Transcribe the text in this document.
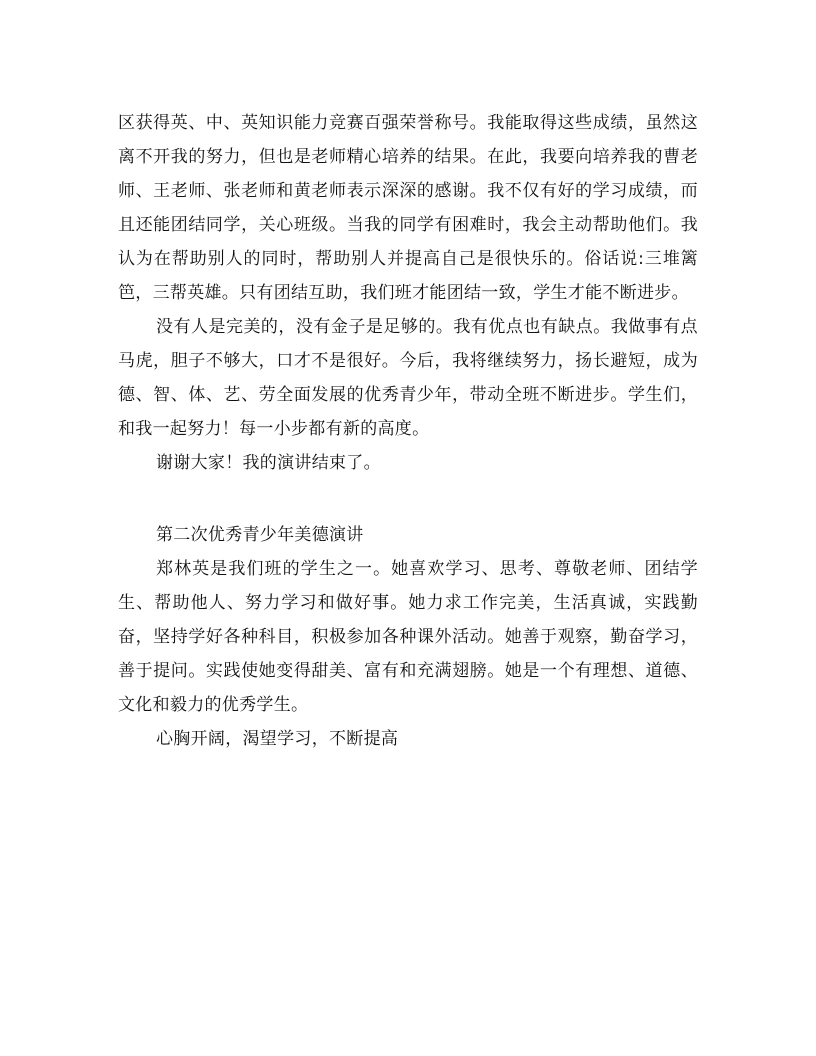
区获得英、中、英知识能力竞赛百强荣誉称号。我能取得这些成绩，虽然这离不开我的努力，但也是老师精心培养的结果。在此，我要向培养我的曹老师、王老师、张老师和黄老师表示深深的感谢。我不仅有好的学习成绩，而且还能团结同学，关心班级。当我的同学有困难时，我会主动帮助他们。我认为在帮助别人的同时，帮助别人并提高自己是很快乐的。俗话说:三堆篱笆，三帮英雄。只有团结互助，我们班才能团结一致，学生才能不断进步。

没有人是完美的，没有金子是足够的。我有优点也有缺点。我做事有点马虎，胆子不够大，口才不是很好。今后，我将继续努力，扬长避短，成为德、智、体、艺、劳全面发展的优秀青少年，带动全班不断进步。学生们，和我一起努力！每一小步都有新的高度。

谢谢大家！我的演讲结束了。

第二次优秀青少年美德演讲

郑林英是我们班的学生之一。她喜欢学习、思考、尊敬老师、团结学生、帮助他人、努力学习和做好事。她力求工作完美，生活真诚，实践勤奋，坚持学好各种科目，积极参加各种课外活动。她善于观察，勤奋学习，善于提问。实践使她变得甜美、富有和充满翅膀。她是一个有理想、道德、文化和毅力的优秀学生。

心胸开阔，渴望学习，不断提高
